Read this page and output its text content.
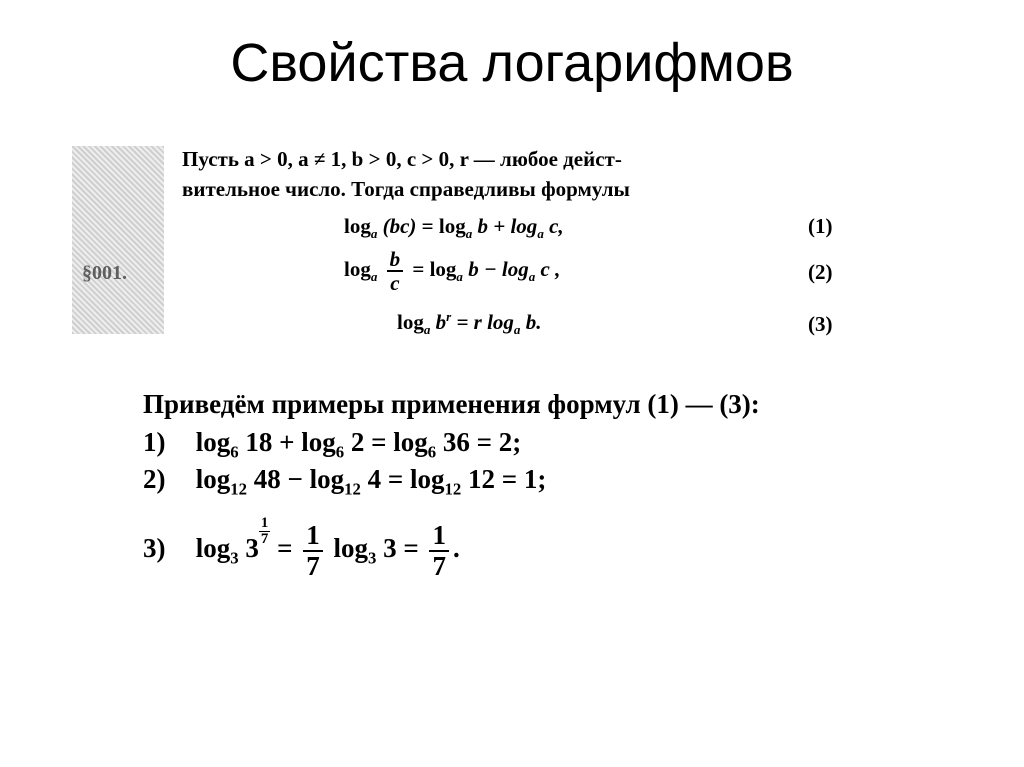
Свойства логарифмов
§001.
Пусть a > 0, a ≠ 1, b > 0, c > 0, r — любое дейст-
вительное число. Тогда справедливы формулы
$\log_a (bc) = \log_a b + \log_a c$,	(1)
$\log_a \frac{b}{c} = \log_a b - \log_a c$ ,	(2)
$\log_a b^r = r$ $\log_a b$.	(3)
Приведём примеры применения формул (1) — (3):
1) $\log_6 18 + \log_6 2 = \log_6 36 = 2$;
2) $\log_{12} 48 - \log_{12} 4 = \log_{12} 12 = 1$;
3) $\log_3 3$
$\frac{1}{7}$
= $\frac{1}{7} \log_3 3 = \frac{1}{7}$ .
